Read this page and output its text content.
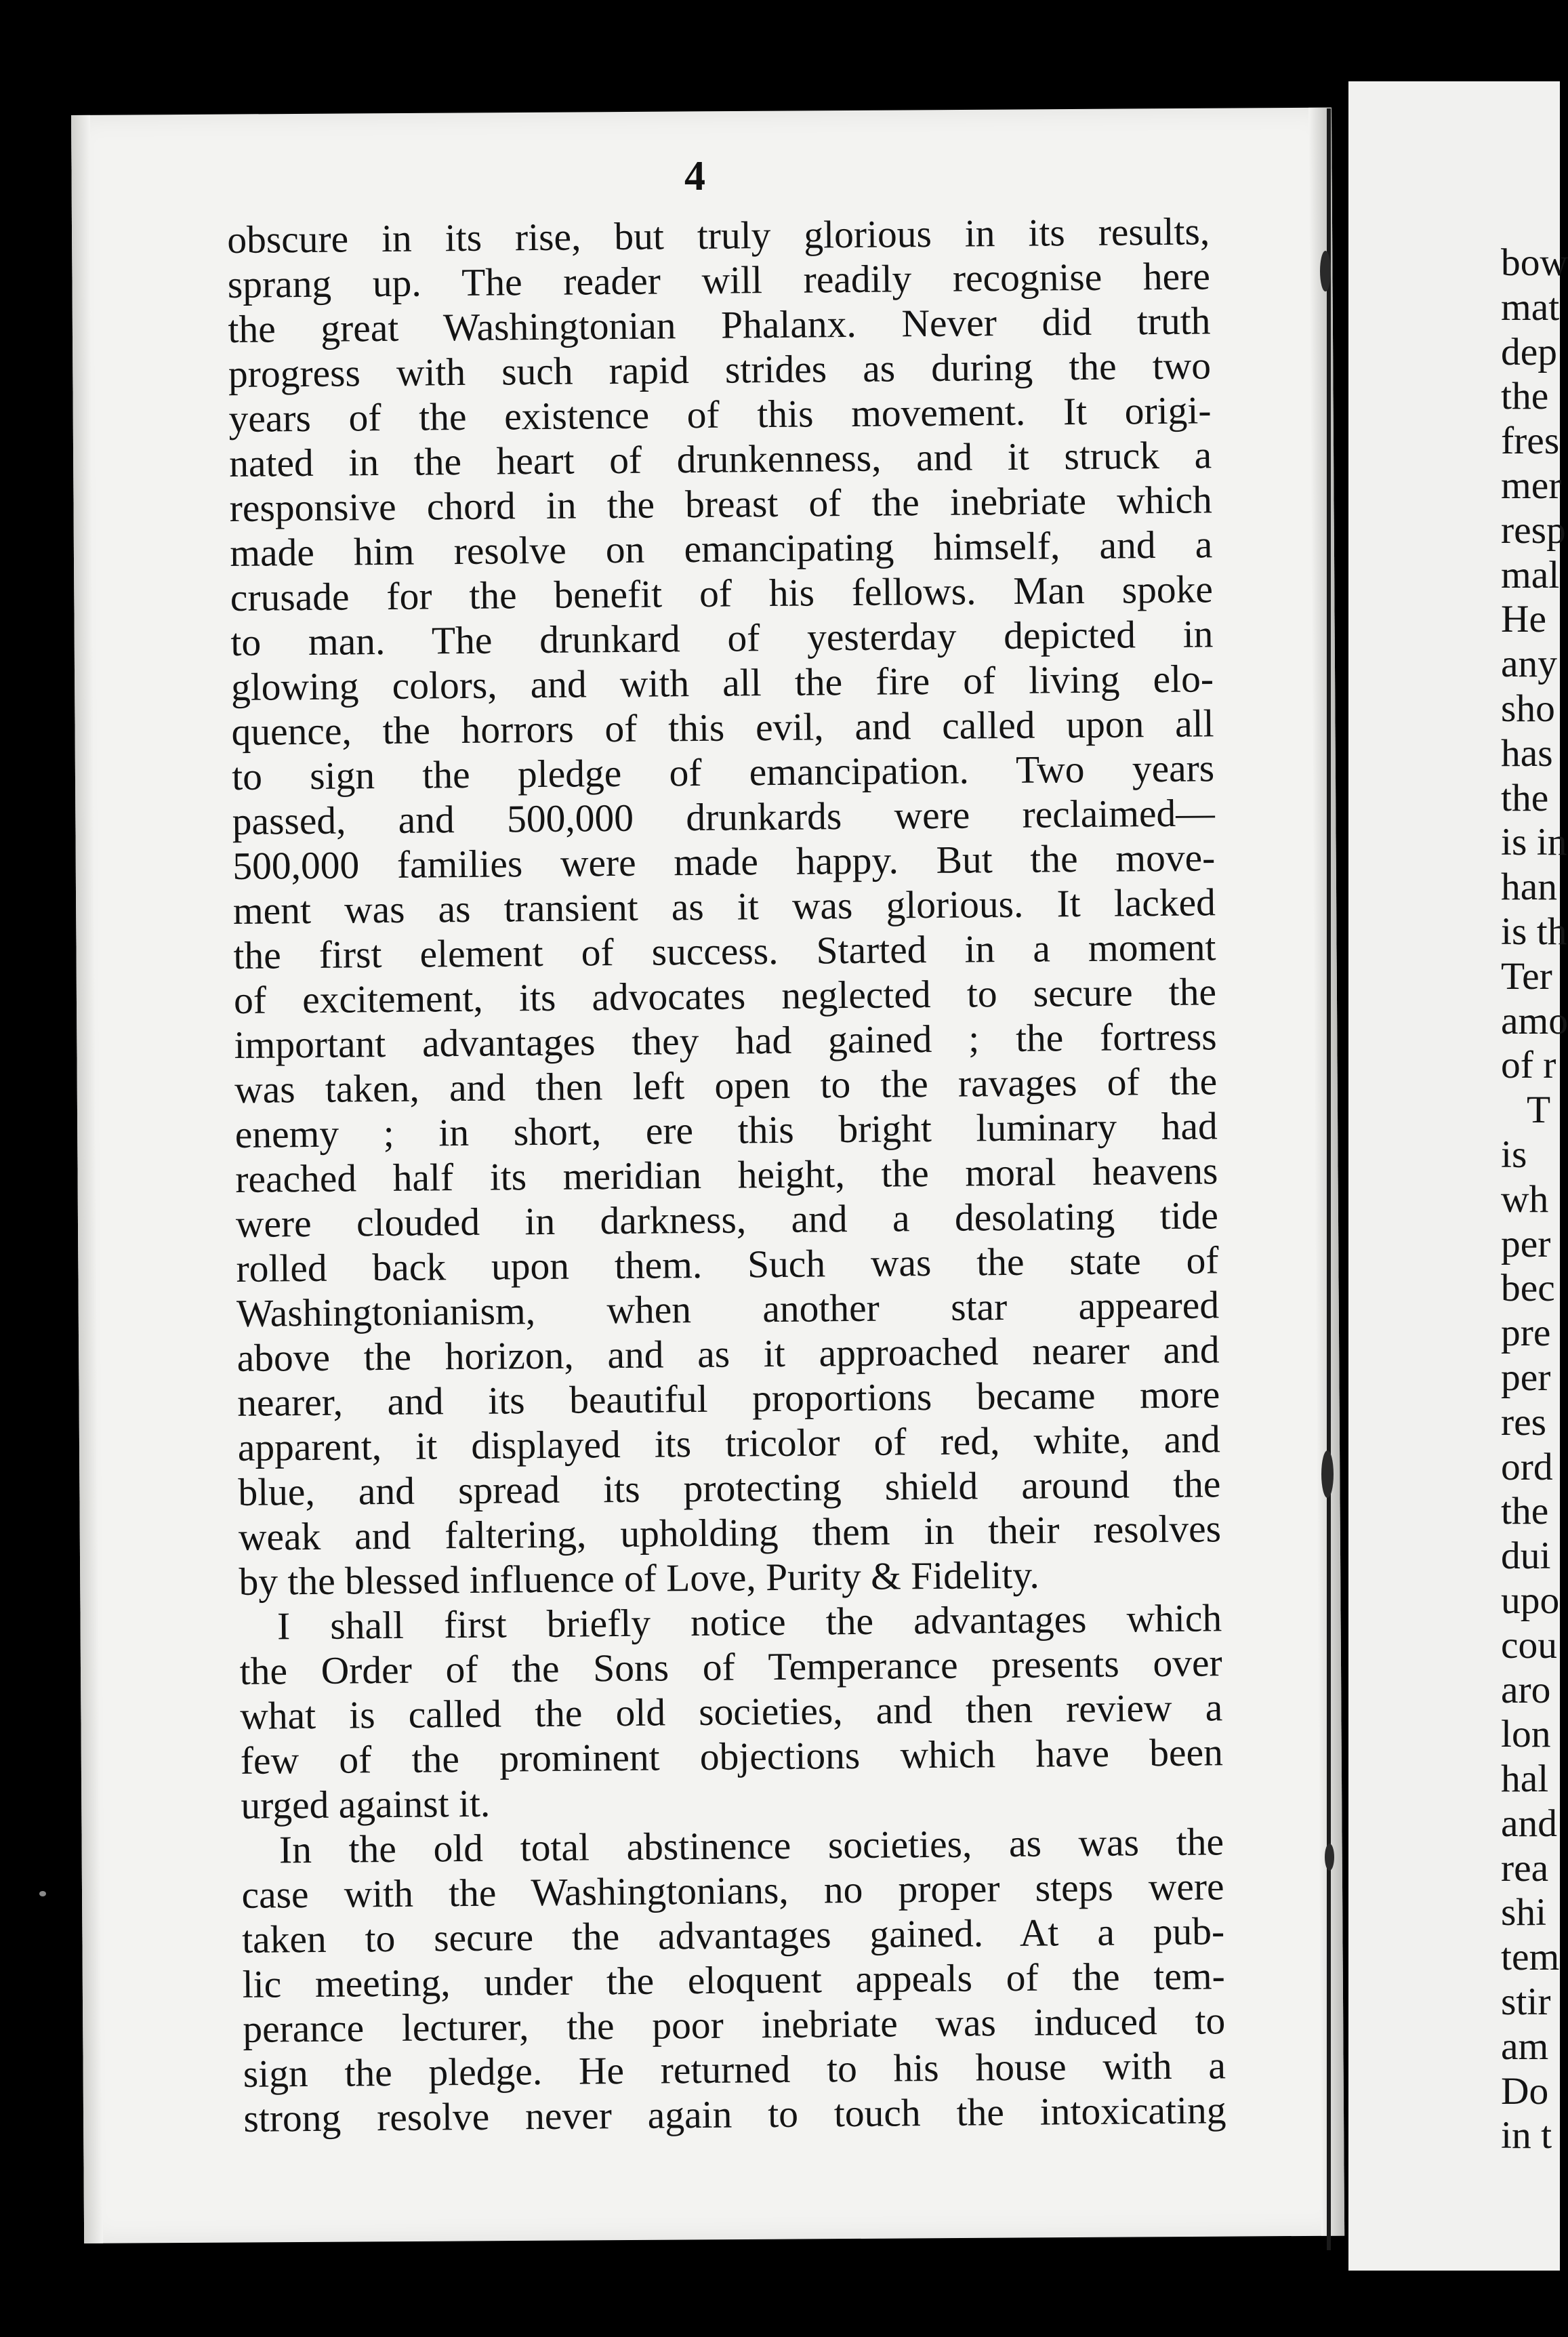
4
obscure in its rise, but truly glorious in its results,
sprang up. The reader will readily recognise here
the great Washingtonian Phalanx. Never did truth
progress with such rapid strides as during the two
years of the existence of this movement. It origi-
nated in the heart of drunkenness, and it struck a
responsive chord in the breast of the inebriate which
made him resolve on emancipating himself, and a
crusade for the benefit of his fellows. Man spoke
to man. The drunkard of yesterday depicted in
glowing colors, and with all the fire of living elo-
quence, the horrors of this evil, and called upon all
to sign the pledge of emancipation. Two years
passed, and 500,000 drunkards were reclaimed—
500,000 families were made happy. But the move-
ment was as transient as it was glorious. It lacked
the first element of success. Started in a moment
of excitement, its advocates neglected to secure the
important advantages they had gained ; the fortress
was taken, and then left open to the ravages of the
enemy ; in short, ere this bright luminary had
reached half its meridian height, the moral heavens
were clouded in darkness, and a desolating tide
rolled back upon them. Such was the state of
Washingtonianism, when another star appeared
above the horizon, and as it approached nearer and
nearer, and its beautiful proportions became more
apparent, it displayed its tricolor of red, white, and
blue, and spread its protecting shield around the
weak and faltering, upholding them in their resolves
by the blessed influence of Love, Purity & Fidelity.
I shall first briefly notice the advantages which
the Order of the Sons of Temperance presents over
what is called the old societies, and then review a
few of the prominent objections which have been
urged against it.
In the old total abstinence societies, as was the
case with the Washingtonians, no proper steps were
taken to secure the advantages gained. At a pub-
lic meeting, under the eloquent appeals of the tem-
perance lecturer, the poor inebriate was induced to
sign the pledge. He returned to his house with a
strong resolve never again to touch the intoxicating
bow
mat
dep
the
fres
mer
resp
mal
He
any
sho
has
the
is in
han
is th
Ter
amo
of r
T
is
wh
per
bec
pre
per
res
ord
the
dui
upo
cou
aro
lon
hal
and
rea
shi
tem
stir
am
Do
in t
